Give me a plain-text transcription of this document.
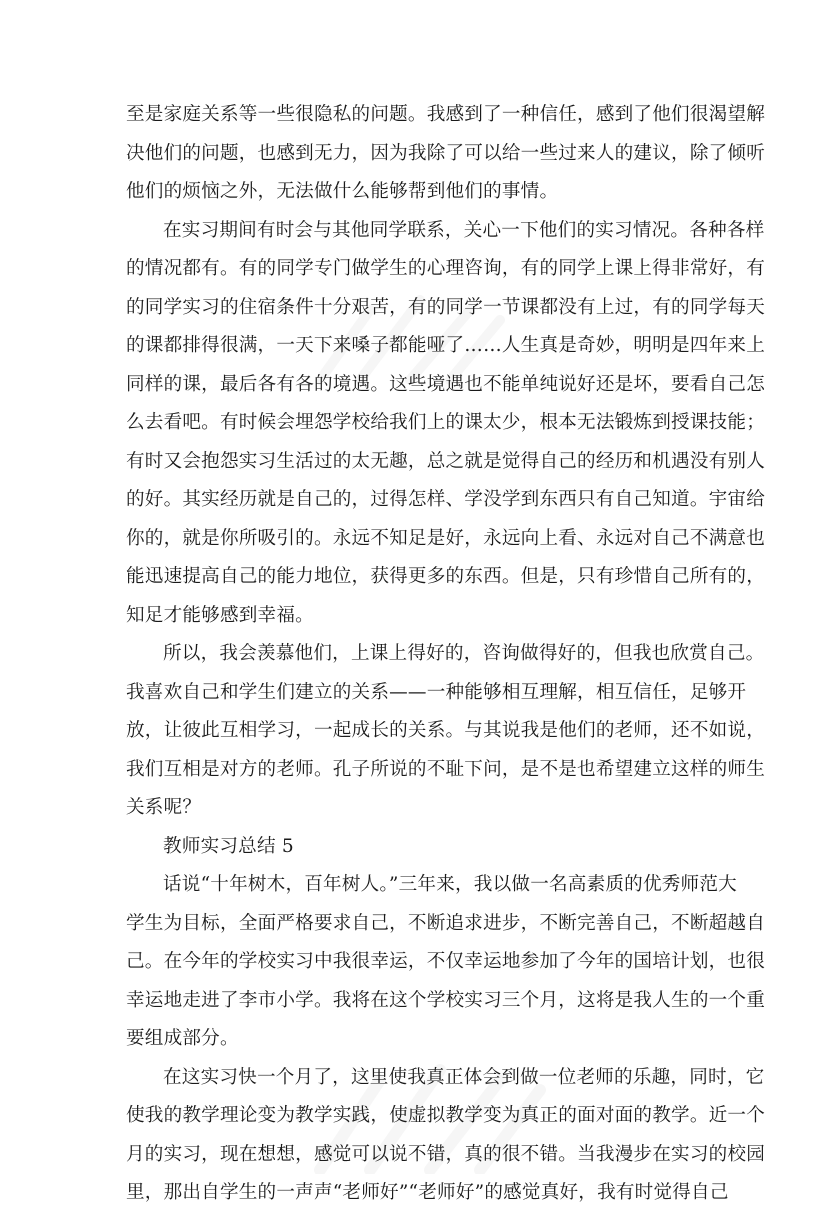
至是家庭关系等一些很隐私的问题。我感到了一种信任，感到了他们很渴望解
决他们的问题，也感到无力，因为我除了可以给一些过来人的建议，除了倾听
他们的烦恼之外，无法做什么能够帮到他们的事情。
在实习期间有时会与其他同学联系，关心一下他们的实习情况。各种各样
的情况都有。有的同学专门做学生的心理咨询，有的同学上课上得非常好，有
的同学实习的住宿条件十分艰苦，有的同学一节课都没有上过，有的同学每天
的课都排得很满，一天下来嗓子都能哑了……人生真是奇妙，明明是四年来上
同样的课，最后各有各的境遇。这些境遇也不能单纯说好还是坏，要看自己怎
么去看吧。有时候会埋怨学校给我们上的课太少，根本无法锻炼到授课技能；
有时又会抱怨实习生活过的太无趣，总之就是觉得自己的经历和机遇没有别人
的好。其实经历就是自己的，过得怎样、学没学到东西只有自己知道。宇宙给
你的，就是你所吸引的。永远不知足是好，永远向上看、永远对自己不满意也
能迅速提高自己的能力地位，获得更多的东西。但是，只有珍惜自己所有的，
知足才能够感到幸福。
所以，我会羡慕他们，上课上得好的，咨询做得好的，但我也欣赏自己。
我喜欢自己和学生们建立的关系——一种能够相互理解，相互信任，足够开
放，让彼此互相学习，一起成长的关系。与其说我是他们的老师，还不如说，
我们互相是对方的老师。孔子所说的不耻下问，是不是也希望建立这样的师生
关系呢？
教师实习总结 5
话说“十年树木，百年树人。”三年来，我以做一名高素质的优秀师范大
学生为目标，全面严格要求自己，不断追求进步，不断完善自己，不断超越自
己。在今年的学校实习中我很幸运，不仅幸运地参加了今年的国培计划，也很
幸运地走进了李市小学。我将在这个学校实习三个月，这将是我人生的一个重
要组成部分。
在这实习快一个月了，这里使我真正体会到做一位老师的乐趣，同时，它
使我的教学理论变为教学实践，使虚拟教学变为真正的面对面的教学。近一个
月的实习，现在想想，感觉可以说不错，真的很不错。当我漫步在实习的校园
里，那出自学生的一声声“老师好”“老师好”的感觉真好，我有时觉得自己
